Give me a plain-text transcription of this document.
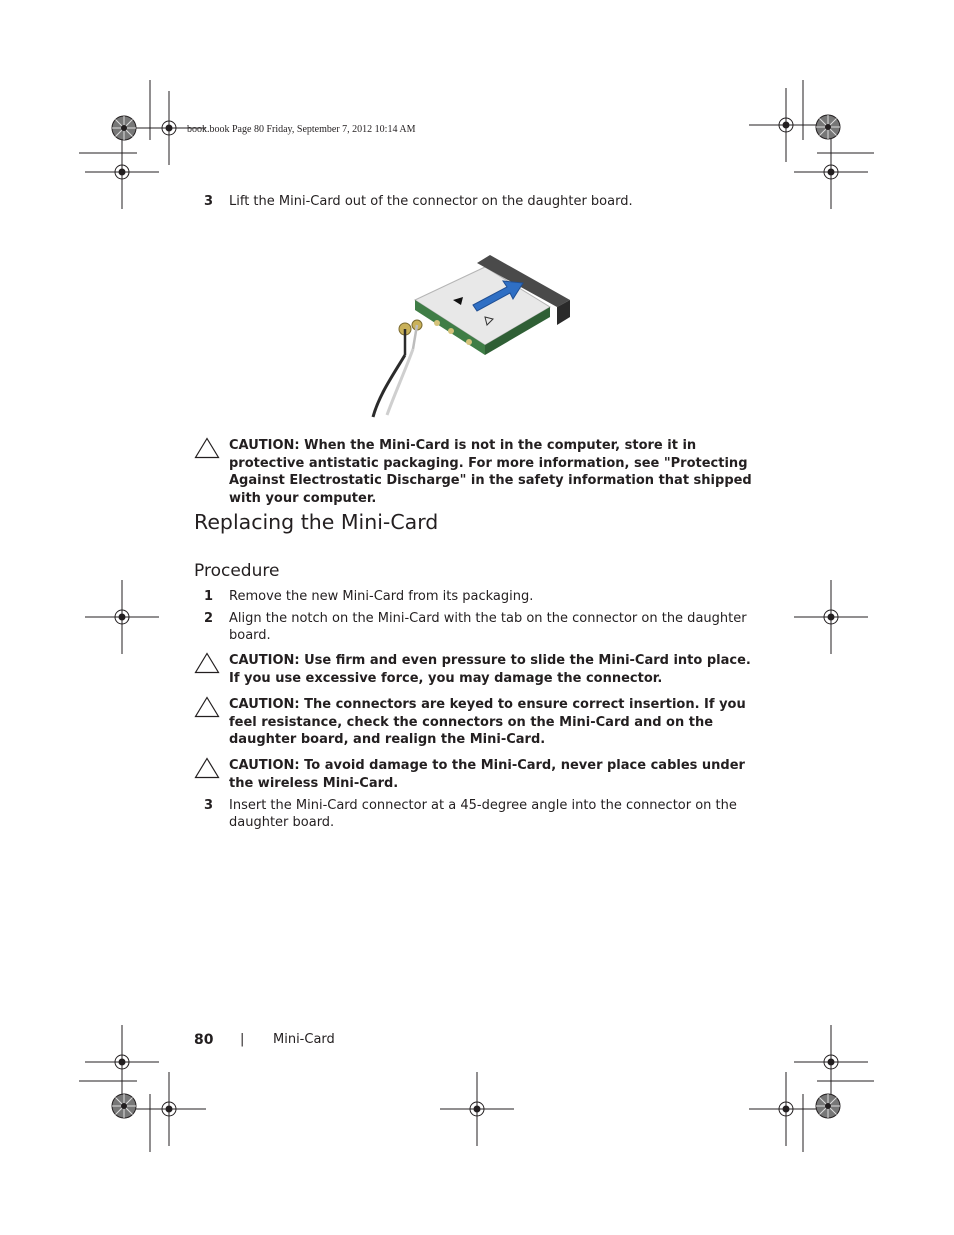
book.book Page 80 Friday, September 7, 2012 10:14 AM
3 Lift the Mini-Card out of the connector on the daughter board.
CAUTION: When the Mini-Card is not in the computer, store it in protective antistatic packaging. For more information, see "Protecting Against Electrostatic Discharge" in the safety information that shipped with your computer.
Replacing the Mini-Card
Procedure
1 Remove the new Mini-Card from its packaging.
2 Align the notch on the Mini-Card with the tab on the connector on the daughter board.
CAUTION: Use firm and even pressure to slide the Mini-Card into place. If you use excessive force, you may damage the connector.
CAUTION: The connectors are keyed to ensure correct insertion. If you feel resistance, check the connectors on the Mini-Card and on the daughter board, and realign the Mini-Card.
CAUTION: To avoid damage to the Mini-Card, never place cables under the wireless Mini-Card.
3 Insert the Mini-Card connector at a 45-degree angle into the connector on the daughter board.
80 | Mini-Card
